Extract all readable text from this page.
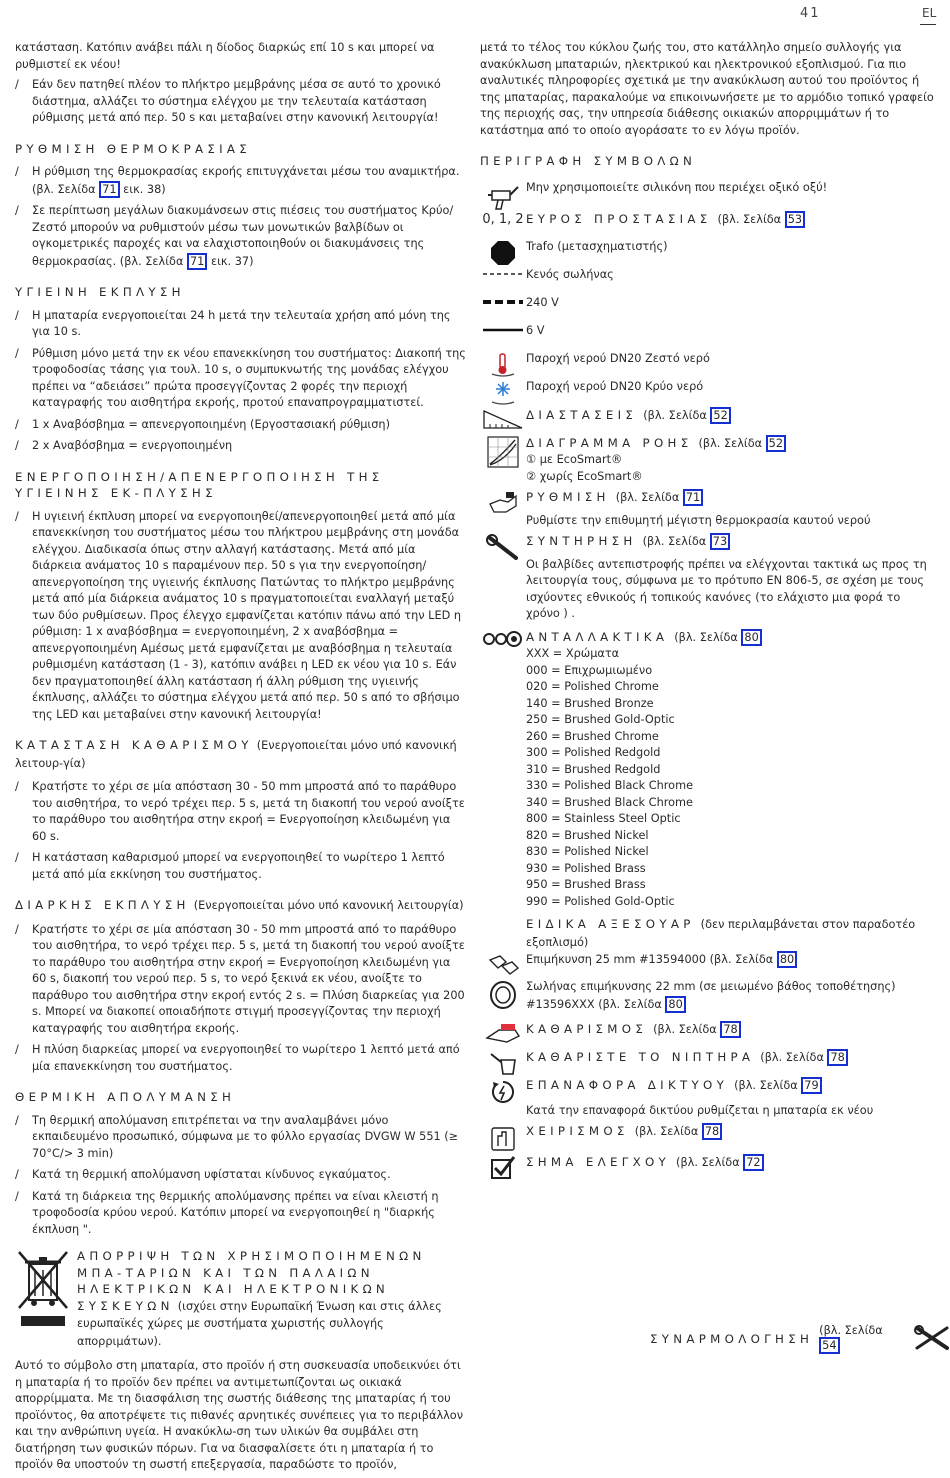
41	EL

κατάσταση. Κατόπιν ανάβει πάλι η δίοδος διαρκώς επί 10 s και μπορεί να ρυθμιστεί εκ νέου!

/ Εάν δεν πατηθεί πλέον το πλήκτρο μεμβράνης μέσα σε αυτό το χρονικό διάστημα, αλλάζει το σύστημα ελέγχου με την τελευταία κατάσταση ρύθμισης μετά από περ. 50 s και μεταβαίνει στην κανονική λειτουργία!
ΡΥΘΜΙΣΗ ΘΕΡΜΟΚΡΑΣΙΑΣ
/ Η ρύθμιση της θερμοκρασίας εκροής επιτυγχάνεται μέσω του αναμικτήρα. (βλ. Σελίδα 71 εικ. 38)
/ Σε περίπτωση μεγάλων διακυμάνσεων στις πιέσεις του συστήματος Κρύο/Ζεστό μπορούν να ρυθμιστούν μέσω των μονωτικών βαλβίδων οι ογκομετρικές παροχές και να ελαχιστοποιηθούν οι διακυμάνσεις της θερμοκρασίας. (βλ. Σελίδα 71 εικ. 37)
ΥΓΙΕΙΝΗ ΕΚΠΛΥΣΗ
/ Η μπαταρία ενεργοποιείται 24 h μετά την τελευταία χρήση από μόνη της για 10 s.
/ Ρύθμιση μόνο μετά την εκ νέου επανεκκίνηση του συστήματος: Διακοπή της τροφοδοσίας τάσης για τουλ. 10 s, ο συμπυκνωτής της μονάδας ελέγχου πρέπει να “αδειάσει” πρώτα προσεγγίζοντας 2 φορές την περιοχή καταγραφής του αισθητήρα εκροής, προτού επαναπρογραμματιστεί.
/ 1 x Αναβόσβημα = απενεργοποιημένη (Εργοστασιακή ρύθμιση)
/ 2 x Αναβόσβημα = ενεργοποιημένη
ΕΝΕΡΓΟΠΟΙΗΣΗ/ΑΠΕΝΕΡΓΟΠΟΙΗΣΗ ΤΗΣ ΥΓΙΕΙΝΗΣ ΕΚ-ΠΛΥΣΗΣ
/ Η υγιεινή έκπλυση μπορεί να ενεργοποιηθεί/απενεργοποιηθεί μετά από μία επανεκκίνηση του συστήματος μέσω του πλήκτρου μεμβράνης στη μονάδα ελέγχου. Διαδικασία όπως στην αλλαγή κατάστασης. Μετά από μία διάρκεια ανάματος 10 s παραμένουν περ. 50 s για την ενεργοποίηση/απενεργοποίηση της υγιεινής έκπλυσης Πατώντας το πλήκτρο μεμβράνης μετά από μία διάρκεια ανάματος 10 s πραγματοποιείται εναλλαγή μεταξύ των δύο ρυθμίσεων. Προς έλεγχο εμφανίζεται κατόπιν πάνω από την LED η ρύθμιση: 1 x αναβόσβημα = ενεργοποιημένη, 2 x αναβόσβημα = απενεργοποιημένη Αμέσως μετά εμφανίζεται με αναβόσβημα η τελευταία ρυθμισμένη κατάσταση (1 - 3), κατόπιν ανάβει η LED εκ νέου για 10 s. Εάν δεν πραγματοποιηθεί άλλη κατάσταση ή άλλη ρύθμιση της υγιεινής έκπλυσης, αλλάζει το σύστημα ελέγχου μετά από περ. 50 s από το σβήσιμο της LED και μεταβαίνει στην κανονική λειτουργία!
ΚΑΤΑΣΤΑΣΗ ΚΑΘΑΡΙΣΜΟΥ (Ενεργοποιείται μόνο υπό κανονική λειτουρ-γία)
/ Κρατήστε το χέρι σε μία απόσταση 30 - 50 mm μπροστά από το παράθυρο του αισθητήρα, το νερό τρέχει περ. 5 s, μετά τη διακοπή του νερού ανοίξτε το παράθυρο του αισθητήρα στην εκροή = Ενεργοποίηση κλειδωμένη για 60 s.
/ Η κατάσταση καθαρισμού μπορεί να ενεργοποιηθεί το νωρίτερο 1 λεπτό μετά από μία εκκίνηση του συστήματος.
ΔΙΑΡΚΗΣ ΕΚΠΛΥΣΗ (Ενεργοποιείται μόνο υπό κανονική λειτουργία)
/ Κρατήστε το χέρι σε μία απόσταση 30 - 50 mm μπροστά από το παράθυρο του αισθητήρα, το νερό τρέχει περ. 5 s, μετά τη διακοπή του νερού ανοίξτε το παράθυρο του αισθητήρα στην εκροή = Ενεργοποίηση κλειδωμένη για 60 s, διακοπή του νερού περ. 5 s, το νερό ξεκινά εκ νέου, ανοίξτε το παράθυρο του αισθητήρα στην εκροή εντός 2 s. = Πλύση διαρκείας για 200 s. Μπορεί να διακοπεί οποιαδήποτε στιγμή προσεγγίζοντας την περιοχή καταγραφής του αισθητήρα εκροής.
/ Η πλύση διαρκείας μπορεί να ενεργοποιηθεί το νωρίτερο 1 λεπτό μετά από μία επανεκκίνηση του συστήματος.
ΘΕΡΜΙΚΗ ΑΠΟΛΥΜΑΝΣΗ
/ Τη θερμική απολύμανση επιτρέπεται να την αναλαμβάνει μόνο εκπαιδευμένο προσωπικό, σύμφωνα με το φύλλο εργασίας DVGW W 551 (≥ 70°C/> 3 min)
/ Κατά τη θερμική απολύμανση υφίσταται κίνδυνος εγκαύματος.
/ Κατά τη διάρκεια της θερμικής απολύμανσης πρέπει να είναι κλειστή η τροφοδοσία κρύου νερού. Κατόπιν μπορεί να ενεργοποιηθεί η "διαρκής έκπλυση ".
ΑΠΟΡΡΙΨΗ ΤΩΝ ΧΡΗΣΙΜΟΠΟΙΗΜΕΝΩΝ ΜΠΑ-ΤΑΡΙΩΝ ΚΑΙ ΤΩΝ ΠΑΛΑΙΩΝ ΗΛΕΚΤΡΙΚΩΝ ΚΑΙ ΗΛΕΚΤΡΟΝΙΚΩΝ ΣΥΣΚΕΥΩΝ (ισχύει στην Ευρωπαϊκή Ένωση και στις άλλες ευρωπαϊκές χώρες με συστήματα χωριστής συλλογής απορριμάτων).

Αυτό το σύμβολο στη μπαταρία, στο προϊόν ή στη συσκευασία υποδεικνύει ότι η μπαταρία ή το προϊόν δεν πρέπει να αντιμετωπίζονται ως οικιακά απορρίμματα. Με τη διασφάλιση της σωστής διάθεσης της μπαταρίας ή του προϊόντος, θα αποτρέψετε τις πιθανές αρνητικές συνέπειες για το περιβάλλον και την ανθρώπινη υγεία. Η ανακύκλω-ση των υλικών θα συμβάλει στη διατήρηση των φυσικών πόρων. Για να διασφαλίσετε ότι η μπαταρία ή το προϊόν θα υποστούν τη σωστή επεξεργασία, παραδώστε το προϊόν,

μετά το τέλος του κύκλου ζωής του, στο κατάλληλο σημείο συλλογής για ανακύκλωση μπαταριών, ηλεκτρικού και ηλεκτρονικού εξοπλισμού. Για πιο αναλυτικές πληροφορίες σχετικά με την ανακύκλωση αυτού του προϊόντος ή της μπαταρίας, παρακαλούμε να επικοινωνήσετε με το αρμόδιο τοπικό γραφείο της περιοχής σας, την υπηρεσία διάθεσης οικιακών απορριμμάτων ή το κατάστημα από το οποίο αγοράσατε το εν λόγω προϊόν.

ΠΕΡΙΓΡΑΦΗ ΣΥΜΒΟΛΩΝ
Μην χρησιμοποιείτε σιλικόνη που περιέχει οξικό οξύ!
0, 1, 2 ΕΥΡΟΣ ΠΡΟΣΤΑΣΙΑΣ (βλ. Σελίδα 53
Trafo (μετασχηματιστής)
Κενός σωλήνας
240 V
6 V
Παροχή νερού DN20 Ζεστό νερό
Παροχή νερού DN20 Κρύο νερό
ΔΙΑΣΤΑΣΕΙΣ (βλ. Σελίδα 52
ΔΙΑΓΡΑΜΜΑ ΡΟΗΣ (βλ. Σελίδα 52
① με EcoSmart®
② χωρίς EcoSmart®
ΡΥΘΜΙΣΗ (βλ. Σελίδα 71
Ρυθμίστε την επιθυμητή μέγιστη θερμοκρασία καυτού νερού
ΣΥΝΤΗΡΗΣΗ (βλ. Σελίδα 73
Οι βαλβίδες αντεπιστροφής πρέπει να ελέγχονται τακτικά ως προς τη λειτουργία τους, σύμφωνα με το πρότυπο EN 806-5, σε σχέση με τους ισχύοντες εθνικούς ή τοπικούς κανόνες (το ελάχιστο μια φορά το χρόνο ) .
ΑΝΤΑΛΛΑΚΤΙΚΑ (βλ. Σελίδα 80
XXX = Χρώματα
000 = Επιχρωμιωμένο
020 = Polished Chrome
140 = Brushed Bronze
250 = Brushed Gold-Optic
260 = Brushed Chrome
300 = Polished Redgold
310 = Brushed Redgold
330 = Polished Black Chrome
340 = Brushed Black Chrome
800 = Stainless Steel Optic
820 = Brushed Nickel
830 = Polished Nickel
930 = Polished Brass
950 = Brushed Brass
990 = Polished Gold-Optic
ΕΙΔΙΚΑ ΑΞΕΣΟΥΑΡ (δεν περιλαμβάνεται στον παραδοτέο εξοπλισμό)
Επιμήκυνση 25 mm #13594000 (βλ. Σελίδα 80
Σωλήνας επιμήκυνσης 22 mm (σε μειωμένο βάθος τοποθέτησης) #13596XXX (βλ. Σελίδα 80
ΚΑΘΑΡΙΣΜΟΣ (βλ. Σελίδα 78
ΚΑΘΑΡΙΣΤΕ ΤΟ ΝΙΠΤΗΡΑ (βλ. Σελίδα 78
ΕΠΑΝΑΦΟΡΑ ΔΙΚΤΥΟΥ (βλ. Σελίδα 79
Κατά την επαναφορά δικτύου ρυθμίζεται η μπαταρία εκ νέου
ΧΕΙΡΙΣΜΟΣ (βλ. Σελίδα 78
ΣΗΜΑ ΕΛΕΓΧΟΥ (βλ. Σελίδα 72
ΣΥΝΑΡΜΟΛΟΓΗΣΗ
(βλ. Σελίδα 54
